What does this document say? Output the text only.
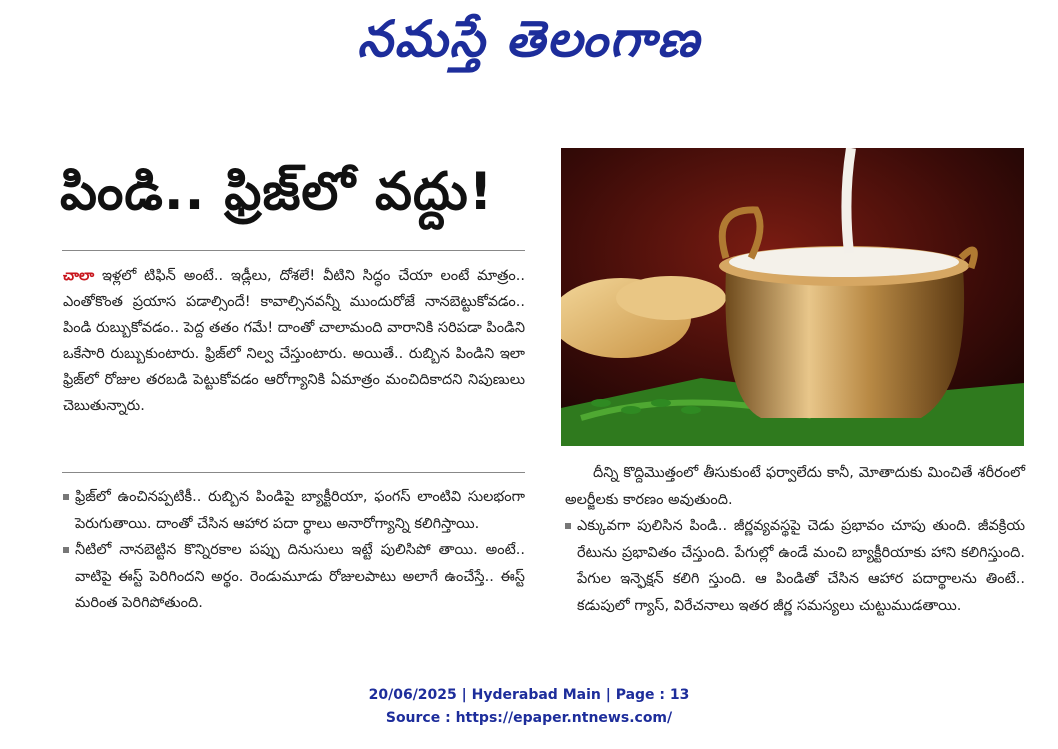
నమస్తే తెలంగాణ
పిండి.. ఫ్రిజ్‌లో వద్దు!
చాలా ఇళ్లలో టిఫిన్ అంటే.. ఇడ్లీలు, దోశలే! వీటిని సిద్ధం చేయా లంటే మాత్రం.. ఎంతోకొంత ప్రయాస పడాల్సిందే! కావాల్సినవన్నీ ముందురోజే నానబెట్టుకోవడం.. పిండి రుబ్బుకోవడం.. పెద్ద తతం గమే! దాంతో చాలామంది వారానికి సరిపడా పిండిని ఒకేసారి రుబ్బుకుంటారు. ఫ్రిజ్‌లో నిల్వ చేస్తుంటారు. అయితే.. రుబ్బిన పిండిని ఇలా ఫ్రిజ్‌లో రోజుల తరబడి పెట్టుకోవడం ఆరోగ్యానికి ఏమాత్రం మంచిదికాదని నిపుణులు చెబుతున్నారు.
ఫ్రిజ్‌లో ఉంచినప్పటికీ.. రుబ్బిన పిండిపై బ్యాక్టీరియా, ఫంగస్ లాంటివి సులభంగా పెరుగుతాయి. దాంతో చేసిన ఆహార పదా ర్థాలు అనారోగ్యాన్ని కలిగిస్తాయి.
నీటిలో నానబెట్టిన కొన్నిరకాల పప్పు దినుసులు ఇట్టే పులిసిపో తాయి. అంటే.. వాటిపై ఈస్ట్ పెరిగిందని అర్థం. రెండుమూడు రోజులపాటు అలాగే ఉంచేస్తే.. ఈస్ట్ మరింత పెరిగిపోతుంది.
దీన్ని కొద్దిమొత్తంలో తీసుకుంటే ఫర్వాలేదు కానీ, మోతాదుకు మించితే శరీరంలో అలర్జీలకు కారణం అవుతుంది.
ఎక్కువగా పులిసిన పిండి.. జీర్ణవ్యవస్థపై చెడు ప్రభావం చూపు తుంది. జీవక్రియ రేటును ప్రభావితం చేస్తుంది. పేగుల్లో ఉండే మంచి బ్యాక్టీరియాకు హాని కలిగిస్తుంది. పేగుల ఇన్ఫెక్షన్ కలిగి స్తుంది. ఆ పిండితో చేసిన ఆహార పదార్థాలను తింటే.. కడుపులో గ్యాస్, విరేచనాలు ఇతర జీర్ణ సమస్యలు చుట్టుముడతాయి.
20/06/2025 | Hyderabad Main | Page : 13
Source : https://epaper.ntnews.com/
